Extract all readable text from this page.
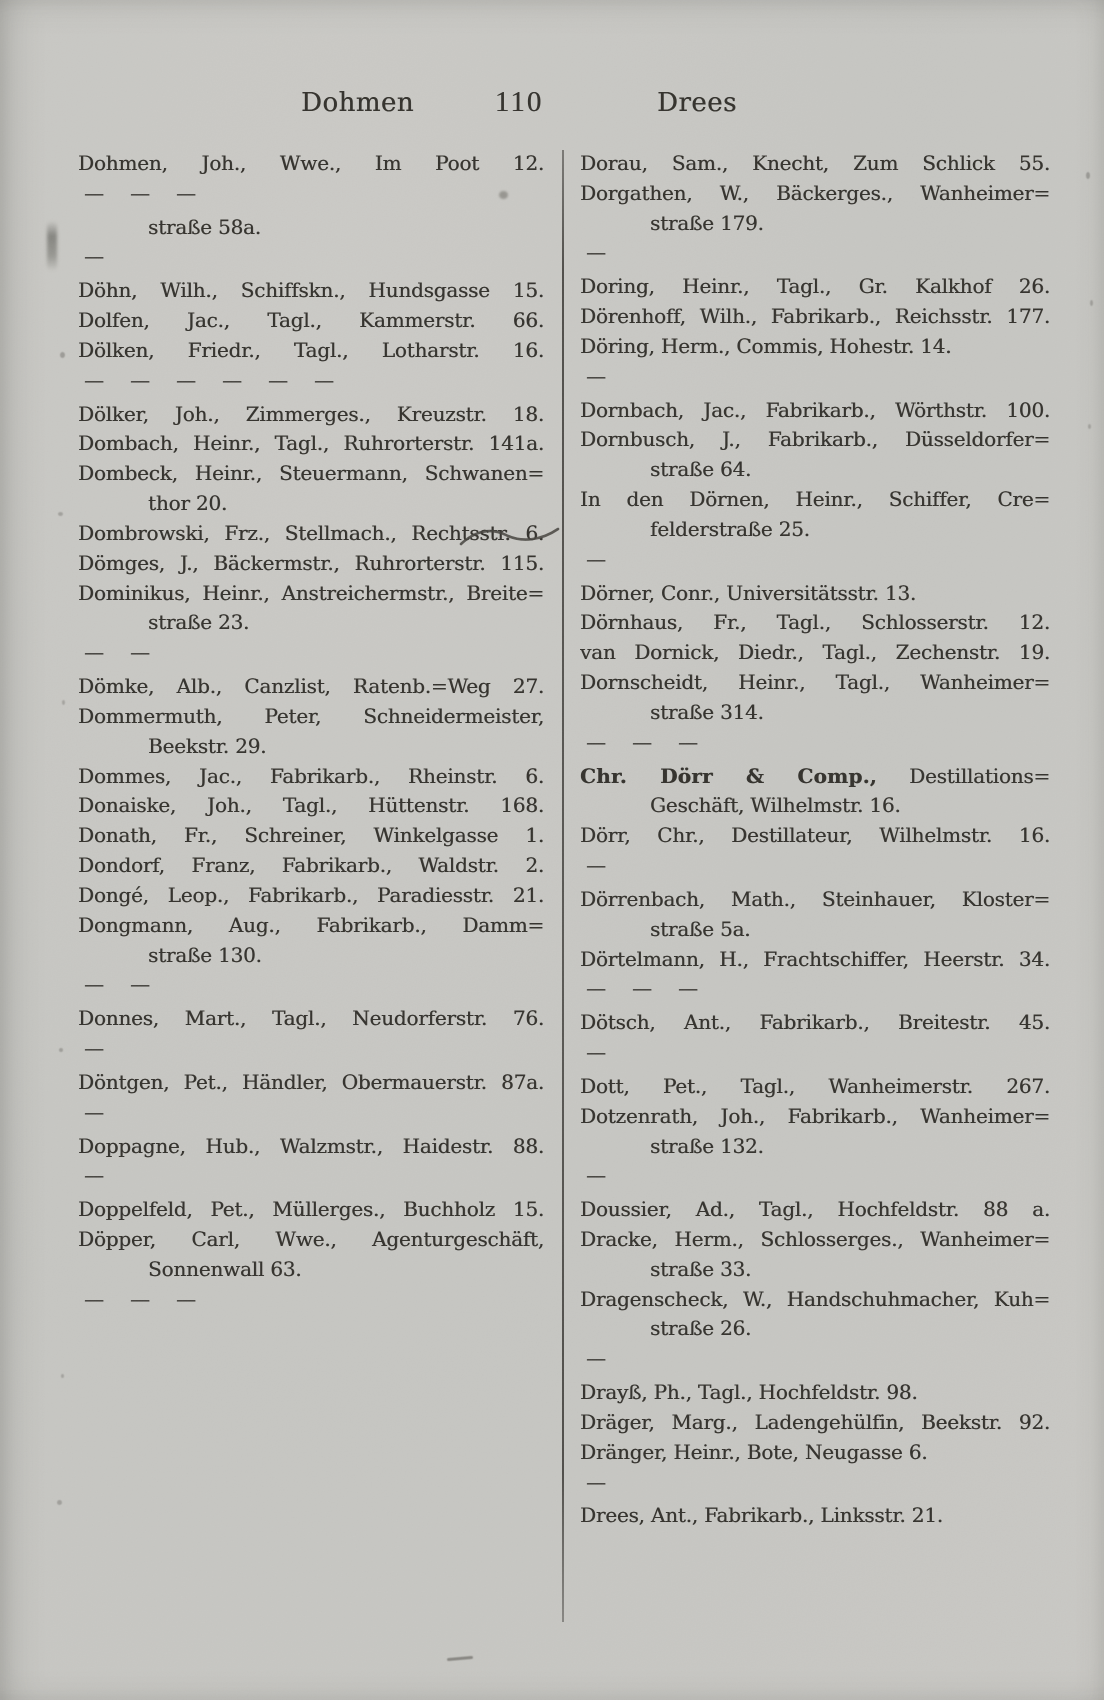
Dohmen	110	Drees
Dohmen, Joh., Wwe., Im Poot 12.
— — —
straße 58a.
—
Döhn, Wilh., Schiffskn., Hundsgasse 15.
Dolfen, Jac., Tagl., Kammerstr. 66.
Dölken, Friedr., Tagl., Lotharstr. 16.
— — — — — —
Dölker, Joh., Zimmerges., Kreuzstr. 18.
Dombach, Heinr., Tagl., Ruhrorterstr. 141a.
Dombeck, Heinr., Steuermann, Schwanen=
thor 20.
Dombrowski, Frz., Stellmach., Rechtsstr. 6.
Dömges, J., Bäckermstr., Ruhrorterstr. 115.
Dominikus, Heinr., Anstreichermstr., Breite=
straße 23.
— —
Dömke, Alb., Canzlist, Ratenb.=Weg 27.
Dommermuth, Peter, Schneidermeister,
Beekstr. 29.
Dommes, Jac., Fabrikarb., Rheinstr. 6.
Donaiske, Joh., Tagl., Hüttenstr. 168.
Donath, Fr., Schreiner, Winkelgasse 1.
Dondorf, Franz, Fabrikarb., Waldstr. 2.
Dongé, Leop., Fabrikarb., Paradiesstr. 21.
Dongmann, Aug., Fabrikarb., Damm=
straße 130.
— —
Donnes, Mart., Tagl., Neudorferstr. 76.
—
Döntgen, Pet., Händler, Obermauerstr. 87a.
—
Doppagne, Hub., Walzmstr., Haidestr. 88.
—
Doppelfeld, Pet., Müllerges., Buchholz 15.
Döpper, Carl, Wwe., Agenturgeschäft,
Sonnenwall 63.
— — —
Dorau, Sam., Knecht, Zum Schlick 55.
Dorgathen, W., Bäckerges., Wanheimer=
straße 179.
—
Doring, Heinr., Tagl., Gr. Kalkhof 26.
Dörenhoff, Wilh., Fabrikarb., Reichsstr. 177.
Döring, Herm., Commis, Hohestr. 14.
—
Dornbach, Jac., Fabrikarb., Wörthstr. 100.
Dornbusch, J., Fabrikarb., Düsseldorfer=
straße 64.
In den Dörnen, Heinr., Schiffer, Cre=
felderstraße 25.
—
Dörner, Conr., Universitätsstr. 13.
Dörnhaus, Fr., Tagl., Schlosserstr. 12.
van Dornick, Diedr., Tagl., Zechenstr. 19.
Dornscheidt, Heinr., Tagl., Wanheimer=
straße 314.
— — —
Chr. Dörr & Comp., Destillations=
Geschäft, Wilhelmstr. 16.
Dörr, Chr., Destillateur, Wilhelmstr. 16.
—
Dörrenbach, Math., Steinhauer, Kloster=
straße 5a.
Dörtelmann, H., Frachtschiffer, Heerstr. 34.
— — —
Dötsch, Ant., Fabrikarb., Breitestr. 45.
—
Dott, Pet., Tagl., Wanheimerstr. 267.
Dotzenrath, Joh., Fabrikarb., Wanheimer=
straße 132.
—
Doussier, Ad., Tagl., Hochfeldstr. 88 a.
Dracke, Herm., Schlosserges., Wanheimer=
straße 33.
Dragenscheck, W., Handschuhmacher, Kuh=
straße 26.
—
Drayß, Ph., Tagl., Hochfeldstr. 98.
Dräger, Marg., Ladengehülfin, Beekstr. 92.
Dränger, Heinr., Bote, Neugasse 6.
—
Drees, Ant., Fabrikarb., Linksstr. 21.
